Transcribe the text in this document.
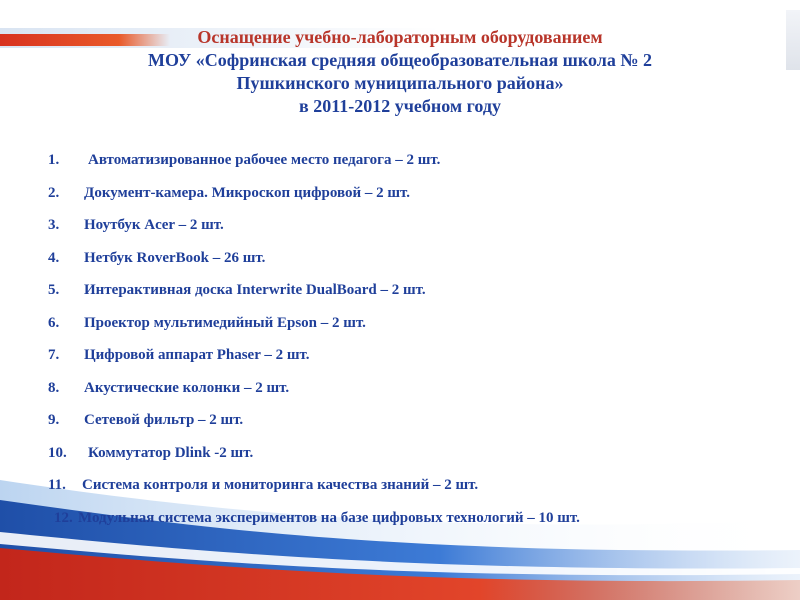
Оснащение учебно-лабораторным оборудованием
МОУ «Софринская средняя общеобразовательная школа № 2
Пушкинского муниципального района»
в 2011-2012 учебном году
1. Автоматизированное рабочее место педагога – 2 шт.
2. Документ-камера. Микроскоп цифровой – 2 шт.
3. Ноутбук Acer – 2 шт.
4. Нетбук RoverBook – 26 шт.
5. Интерактивная доска Interwrite DualBoard – 2 шт.
6. Проектор мультимедийный Epson – 2 шт.
7. Цифровой аппарат Phaser – 2 шт.
8. Акустические колонки – 2 шт.
9. Сетевой фильтр – 2 шт.
10. Коммутатор Dlink -2 шт.
11. Система контроля и мониторинга качества знаний – 2 шт.
12. Модульная система экспериментов на базе цифровых технологий – 10 шт.
